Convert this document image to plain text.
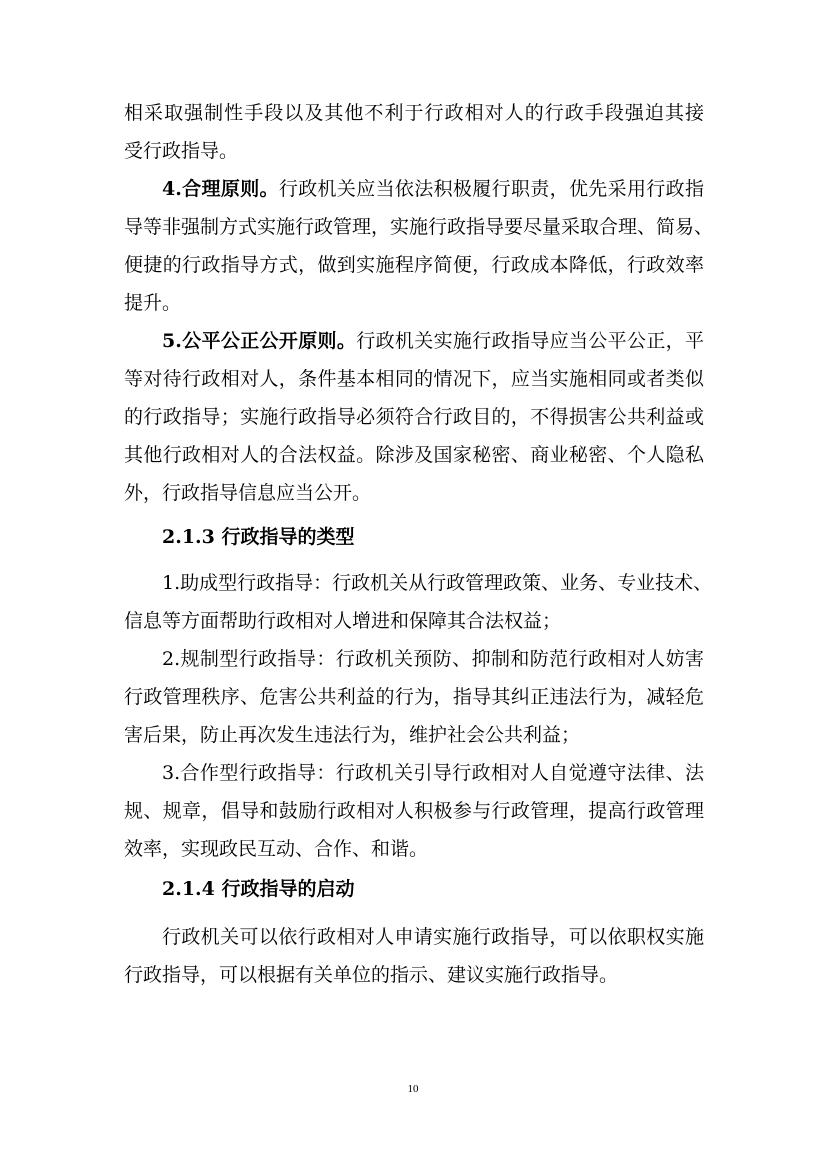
相采取强制性手段以及其他不利于行政相对人的行政手段强迫其接
受行政指导。
4.合理原则。行政机关应当依法积极履行职责，优先采用行政指
导等非强制方式实施行政管理，实施行政指导要尽量采取合理、简易、
便捷的行政指导方式，做到实施程序简便，行政成本降低，行政效率
提升。
5.公平公正公开原则。行政机关实施行政指导应当公平公正，平
等对待行政相对人，条件基本相同的情况下，应当实施相同或者类似
的行政指导；实施行政指导必须符合行政目的，不得损害公共利益或
其他行政相对人的合法权益。除涉及国家秘密、商业秘密、个人隐私
外，行政指导信息应当公开。
2.1.3 行政指导的类型
1.助成型行政指导：行政机关从行政管理政策、业务、专业技术、
信息等方面帮助行政相对人增进和保障其合法权益；
2.规制型行政指导：行政机关预防、抑制和防范行政相对人妨害
行政管理秩序、危害公共利益的行为，指导其纠正违法行为，减轻危
害后果，防止再次发生违法行为，维护社会公共利益；
3.合作型行政指导：行政机关引导行政相对人自觉遵守法律、法
规、规章，倡导和鼓励行政相对人积极参与行政管理，提高行政管理
效率，实现政民互动、合作、和谐。
2.1.4 行政指导的启动
行政机关可以依行政相对人申请实施行政指导，可以依职权实施
行政指导，可以根据有关单位的指示、建议实施行政指导。
10
